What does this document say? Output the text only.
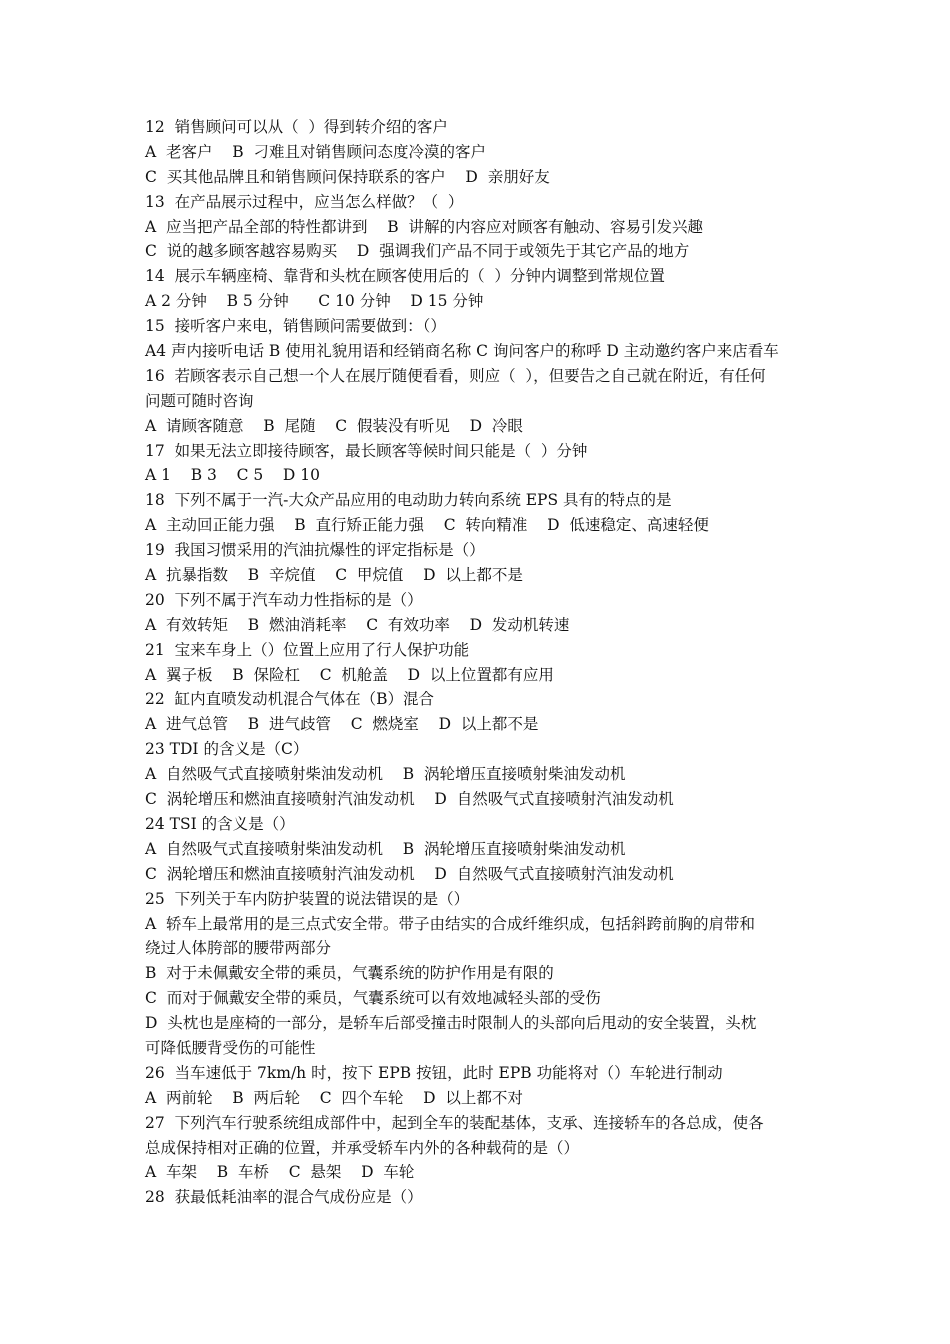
12  销售顾问可以从（  ）得到转介绍的客户
A  老客户    B  刁难且对销售顾问态度冷漠的客户
C  买其他品牌且和销售顾问保持联系的客户    D  亲朋好友
13  在产品展示过程中，应当怎么样做？（  ）
A  应当把产品全部的特性都讲到    B  讲解的内容应对顾客有触动、容易引发兴趣
C  说的越多顾客越容易购买    D  强调我们产品不同于或领先于其它产品的地方
14  展示车辆座椅、靠背和头枕在顾客使用后的（  ）分钟内调整到常规位置
A 2 分钟    B 5 分钟      C 10 分钟    D 15 分钟
15  接听客户来电，销售顾问需要做到：（）
A4 声内接听电话 B 使用礼貌用语和经销商名称 C 询问客户的称呼 D 主动邀约客户来店看车
16  若顾客表示自己想一个人在展厅随便看看，则应（  ），但要告之自己就在附近，有任何
问题可随时咨询
A  请顾客随意    B  尾随    C  假装没有听见    D  冷眼
17  如果无法立即接待顾客，最长顾客等候时间只能是（  ）分钟
A 1    B 3    C 5    D 10
18  下列不属于一汽-大众产品应用的电动助力转向系统 EPS 具有的特点的是
A  主动回正能力强    B  直行矫正能力强    C  转向精准    D  低速稳定、高速轻便
19  我国习惯采用的汽油抗爆性的评定指标是（）
A  抗暴指数    B  辛烷值    C  甲烷值    D  以上都不是
20  下列不属于汽车动力性指标的是（）
A  有效转矩    B  燃油消耗率    C  有效功率    D  发动机转速
21  宝来车身上（）位置上应用了行人保护功能
A  翼子板    B  保险杠    C  机舱盖    D  以上位置都有应用
22  缸内直喷发动机混合气体在（B）混合
A  进气总管    B  进气歧管    C  燃烧室    D  以上都不是
23 TDI 的含义是（C）
A  自然吸气式直接喷射柴油发动机    B  涡轮增压直接喷射柴油发动机
C  涡轮增压和燃油直接喷射汽油发动机    D  自然吸气式直接喷射汽油发动机
24 TSI 的含义是（）
A  自然吸气式直接喷射柴油发动机    B  涡轮增压直接喷射柴油发动机
C  涡轮增压和燃油直接喷射汽油发动机    D  自然吸气式直接喷射汽油发动机
25  下列关于车内防护装置的说法错误的是（）
A  轿车上最常用的是三点式安全带。带子由结实的合成纤维织成，包括斜跨前胸的肩带和
绕过人体胯部的腰带两部分
B  对于未佩戴安全带的乘员，气囊系统的防护作用是有限的
C  而对于佩戴安全带的乘员，气囊系统可以有效地减轻头部的受伤
D  头枕也是座椅的一部分，是轿车后部受撞击时限制人的头部向后甩动的安全装置，头枕
可降低腰背受伤的可能性
26  当车速低于 7km/h 时，按下 EPB 按钮，此时 EPB 功能将对（）车轮进行制动
A  两前轮    B  两后轮    C  四个车轮    D  以上都不对
27  下列汽车行驶系统组成部件中，起到全车的装配基体，支承、连接轿车的各总成，使各
总成保持相对正确的位置，并承受轿车内外的各种载荷的是（）
A  车架    B  车桥    C  悬架    D  车轮
28  获最低耗油率的混合气成份应是（）
